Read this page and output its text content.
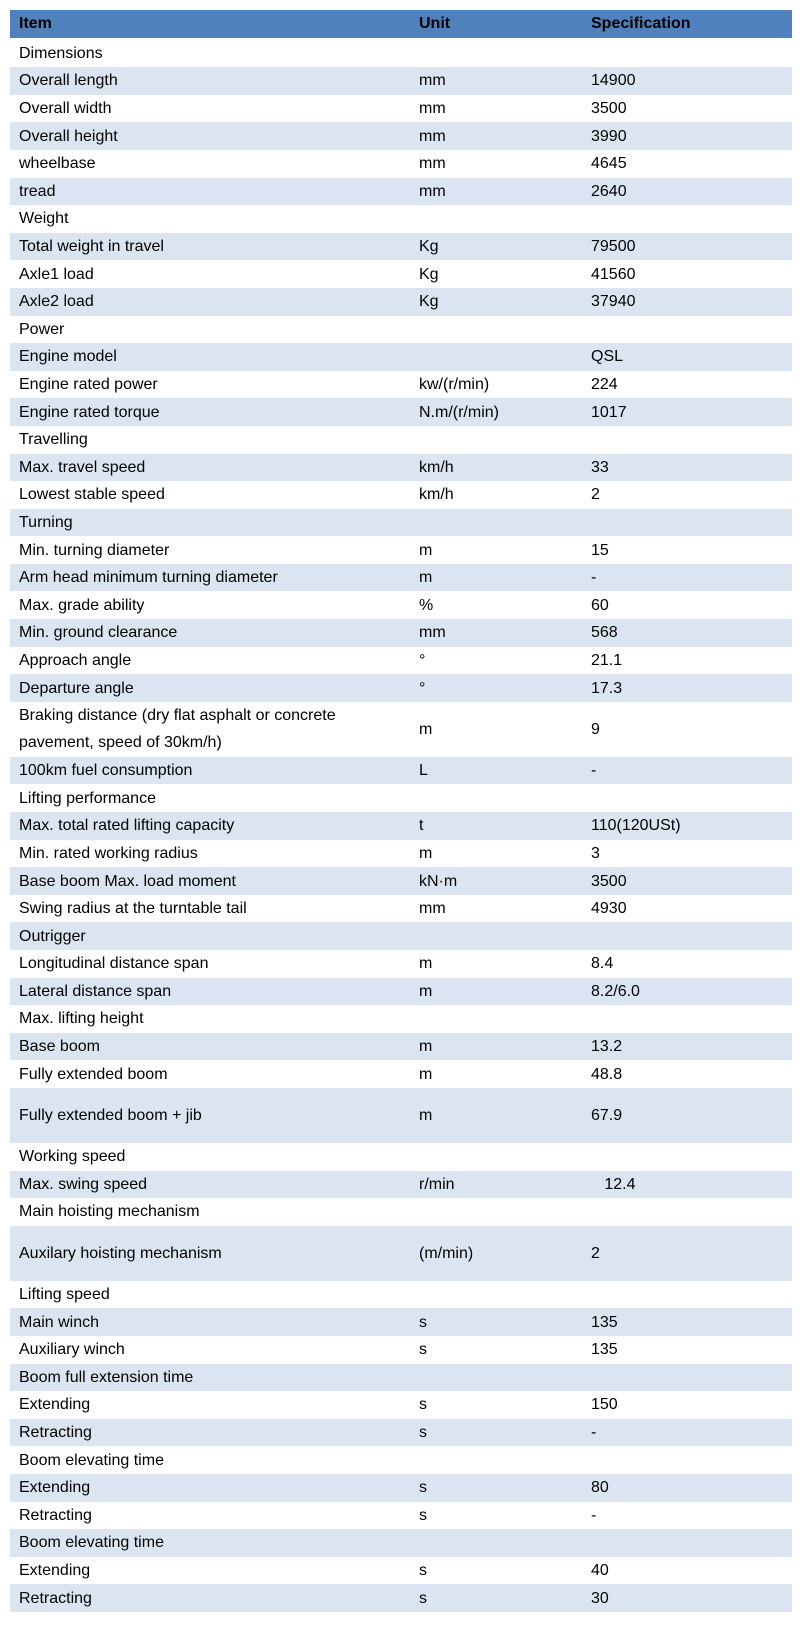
Item	Unit	Specification
Dimensions		
Overall length	mm	14900
Overall width	mm	3500
Overall height	mm	3990
wheelbase	mm	4645
tread	mm	2640
Weight		
Total weight in travel	Kg	79500
Axle1 load	Kg	41560
Axle2 load	Kg	37940
Power		
Engine model		QSL
Engine rated power	kw/(r/min)	224
Engine rated torque	N.m/(r/min)	1017
Travelling		
Max. travel speed	km/h	33
Lowest stable speed	km/h	2
Turning		
Min. turning diameter	m	15
Arm head minimum turning diameter	m	-
Max. grade ability	%	60
Min. ground clearance	mm	568
Approach angle	°	21.1
Departure angle	°	17.3
Braking distance (dry flat asphalt or concrete pavement, speed of 30km/h)	m	9
100km fuel consumption	L	-
Lifting performance		
Max. total rated lifting capacity	t	110(120USt)
Min. rated working radius	m	3
Base boom Max. load moment	kN·m	3500
Swing radius at the turntable tail	mm	4930
Outrigger		
Longitudinal distance span	m	8.4
Lateral distance span	m	8.2/6.0
Max. lifting height		
Base boom	m	13.2
Fully extended boom	m	48.8
Fully extended boom + jib	m	67.9
Working speed		
Max. swing speed	r/min	12.4
Main hoisting mechanism		
Auxilary hoisting mechanism	(m/min)	2
Lifting speed		
Main winch	s	135
Auxiliary winch	s	135
Boom full extension time		
Extending	s	150
Retracting	s	-
Boom elevating time		
Extending	s	80
Retracting	s	-
Boom elevating time		
Extending	s	40
Retracting	s	30
